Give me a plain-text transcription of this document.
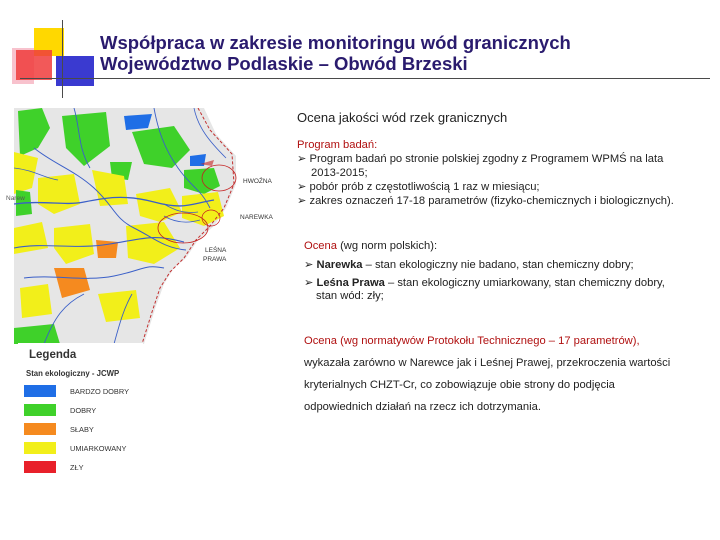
Współpraca w zakresie monitoringu wód granicznych
Województwo Podlaskie – Obwód Brzeski
Ocena jakości wód rzek granicznych
HWOŹNA
NAREWKA
LEŚNA
PRAWA
Narew
Legenda
Stan ekologiczny - JCWP
BARDZO DOBRY
DOBRY
SŁABY
UMIARKOWANY
ZŁY
Program badań:
➢ Program badań po stronie polskiej zgodny z Programem WPMŚ na lata
2013-2015;
➢ pobór prób z częstotliwością 1 raz w miesiącu;
➢ zakres oznaczeń 17-18 parametrów (fizyko-chemicznych i biologicznych).
Ocena (wg norm polskich):
➢ Narewka – stan ekologiczny nie badano, stan chemiczny dobry;
➢ Leśna Prawa – stan ekologiczny umiarkowany, stan chemiczny dobry,
stan wód: zły;
Ocena (wg normatywów Protokołu Technicznego – 17 parametrów),
wykazała zarówno w Narewce jak i Leśnej Prawej, przekroczenia wartości
kryterialnych CHZT-Cr, co zobowiązuje obie strony do podjęcia
odpowiednich działań na rzecz ich dotrzymania.
